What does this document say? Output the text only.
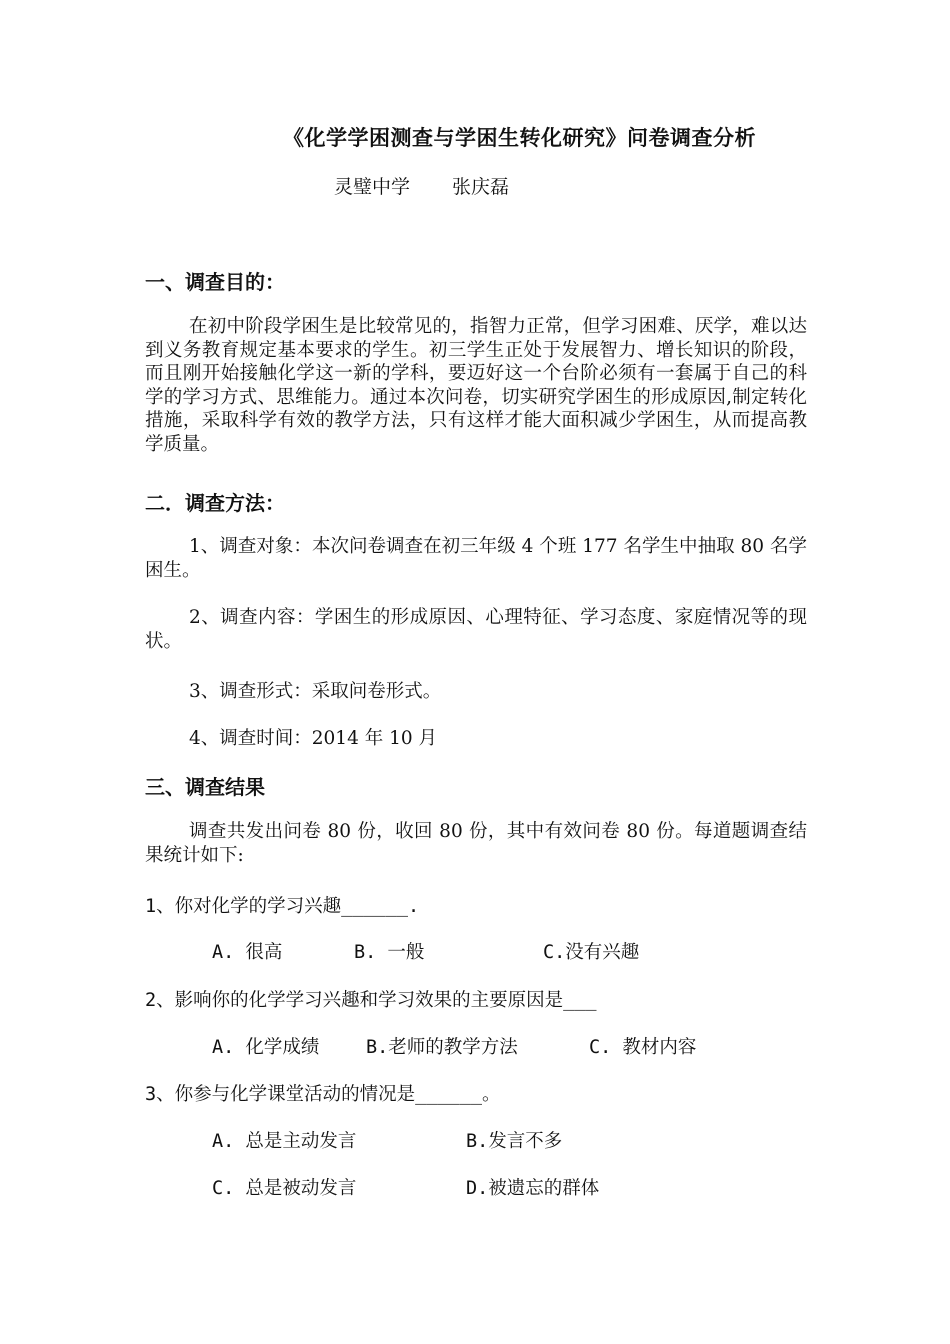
《化学学困测查与学困生转化研究》问卷调查分析
灵璧中学 张庆磊
一、调查目的：
在初中阶段学困生是比较常见的，指智力正常，但学习困难、厌学，难以达到义务教育规定基本要求的学生。初三学生正处于发展智力、增长知识的阶段，而且刚开始接触化学这一新的学科，要迈好这一个台阶必须有一套属于自己的科学的学习方式、思维能力。通过本次问卷，切实研究学困生的形成原因,制定转化措施，采取科学有效的教学方法，只有这样才能大面积减少学困生，从而提高教学质量。
二．调查方法：
1、调查对象：本次问卷调查在初三年级 4 个班 177 名学生中抽取 80 名学困生。
2、调查内容：学困生的形成原因、心理特征、学习态度、家庭情况等的现状。
3、调查形式：采取问卷形式。
4、调查时间：2014 年 10 月
三、调查结果
调查共发出问卷 80 份，收回 80 份，其中有效问卷 80 份。每道题调查结果统计如下:
1、你对化学的学习兴趣______.
A. 很高	B. 一般	C.没有兴趣
2、影响你的化学学习兴趣和学习效果的主要原因是___
A. 化学成绩	B.老师的教学方法	C. 教材内容
3、你参与化学课堂活动的情况是______。
A. 总是主动发言	B.发言不多
C. 总是被动发言	D.被遗忘的群体
